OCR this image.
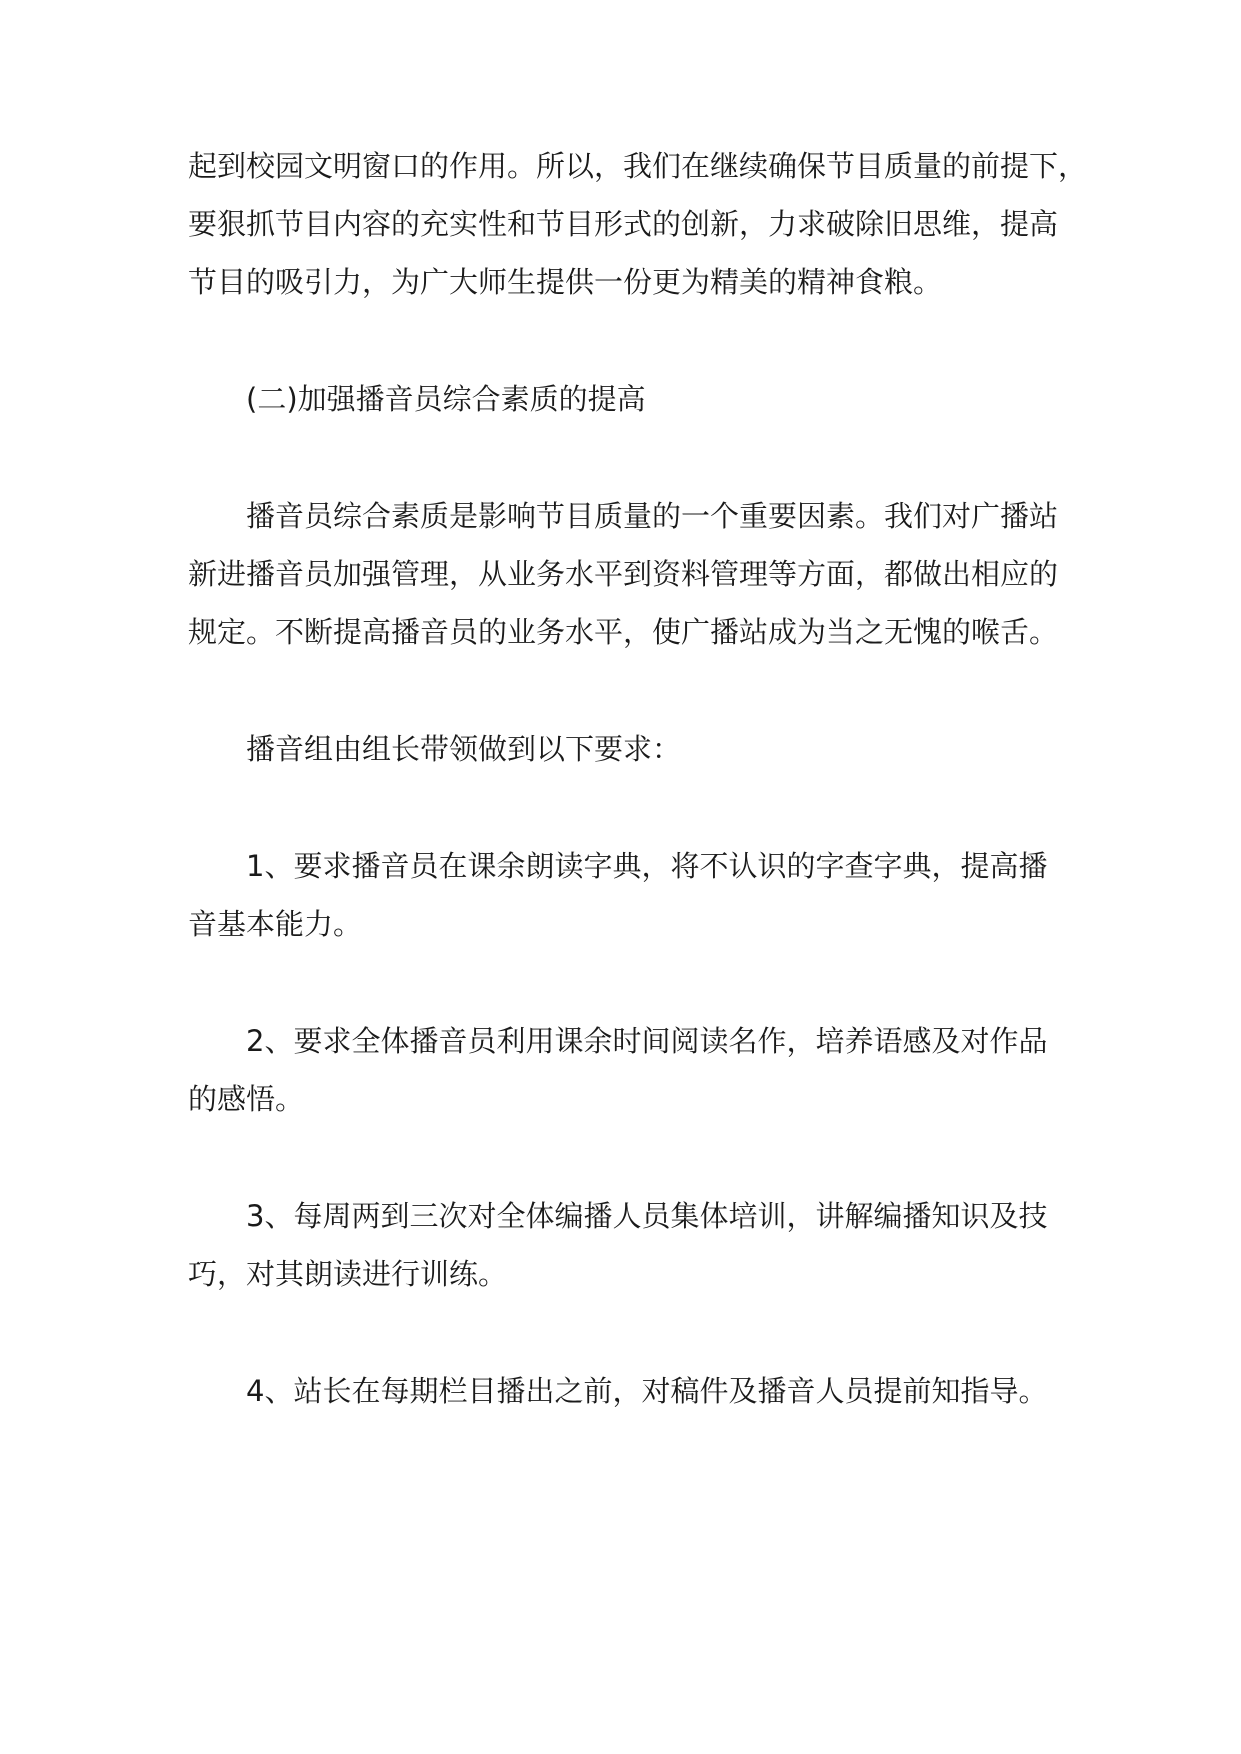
起到校园文明窗口的作用。所以，我们在继续确保节目质量的前提下，
要狠抓节目内容的充实性和节目形式的创新，力求破除旧思维，提高
节目的吸引力，为广大师生提供一份更为精美的精神食粮。
(二)加强播音员综合素质的提高
播音员综合素质是影响节目质量的一个重要因素。我们对广播站
新进播音员加强管理，从业务水平到资料管理等方面，都做出相应的
规定。不断提高播音员的业务水平，使广播站成为当之无愧的喉舌。
播音组由组长带领做到以下要求：
1、要求播音员在课余朗读字典，将不认识的字查字典，提高播
音基本能力。
2、要求全体播音员利用课余时间阅读名作，培养语感及对作品
的感悟。
3、每周两到三次对全体编播人员集体培训，讲解编播知识及技
巧，对其朗读进行训练。
4、站长在每期栏目播出之前，对稿件及播音人员提前知指导。
